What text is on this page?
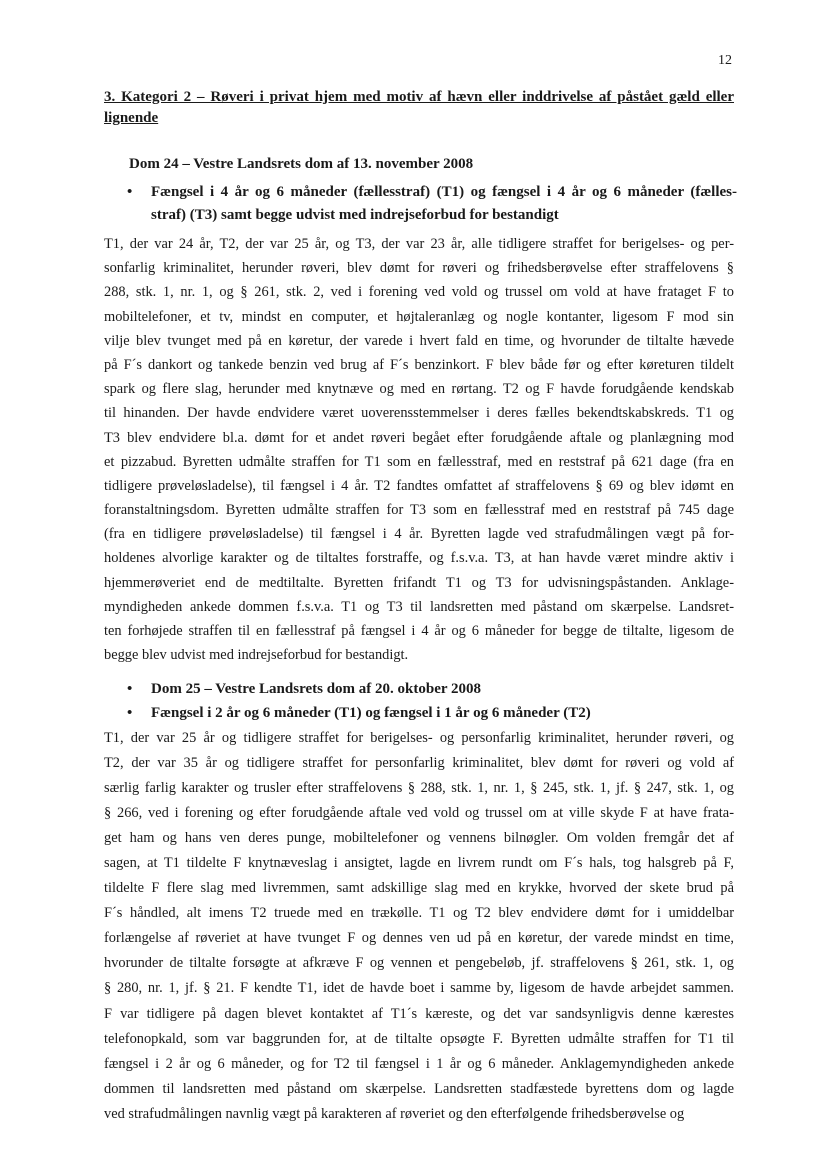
12
3. Kategori 2 – Røveri i privat hjem med motiv af hævn eller inddrivelse af påstået gæld eller
lignende
Dom 24 – Vestre Landsrets dom af 13. november 2008
• Fængsel i 4 år og 6 måneder (fællesstraf) (T1) og fængsel i 4 år og 6 måneder (fælles-
straf) (T3) samt begge udvist med indrejseforbud for bestandigt
T1, der var 24 år, T2, der var 25 år, og T3, der var 23 år, alle tidligere straffet for berigelses- og per-
sonfarlig kriminalitet, herunder røveri, blev dømt for røveri og frihedsberøvelse efter straffelovens §
288, stk. 1, nr. 1, og § 261, stk. 2, ved i forening ved vold og trussel om vold at have frataget F to
mobiltelefoner, et tv, mindst en computer, et højtaleranlæg og nogle kontanter, ligesom F mod sin
vilje blev tvunget med på en køretur, der varede i hvert fald en time, og hvorunder de tiltalte hævede
på F´s dankort og tankede benzin ved brug af F´s benzinkort. F blev både før og efter køreturen tildelt
spark og flere slag, herunder med knytnæve og med en rørtang. T2 og F havde forudgående kendskab
til hinanden. Der havde endvidere været uoverensstemmelser i deres fælles bekendtskabskreds. T1 og
T3 blev endvidere bl.a. dømt for et andet røveri begået efter forudgående aftale og planlægning mod
et pizzabud. Byretten udmålte straffen for T1 som en fællesstraf, med en reststraf på 621 dage (fra en
tidligere prøveløsladelse), til fængsel i 4 år. T2 fandtes omfattet af straffelovens § 69 og blev idømt en
foranstaltningsdom. Byretten udmålte straffen for T3 som en fællesstraf med en reststraf på 745 dage
(fra en tidligere prøveløsladelse) til fængsel i 4 år. Byretten lagde ved strafudmålingen vægt på for-
holdenes alvorlige karakter og de tiltaltes forstraffe, og f.s.v.a. T3, at han havde været mindre aktiv i
hjemmerøveriet end de medtiltalte. Byretten frifandt T1 og T3 for udvisningspåstanden. Anklage-
myndigheden ankede dommen f.s.v.a. T1 og T3 til landsretten med påstand om skærpelse. Landsret-
ten forhøjede straffen til en fællesstraf på fængsel i 4 år og 6 måneder for begge de tiltalte, ligesom de
begge blev udvist med indrejseforbud for bestandigt.
• Dom 25 – Vestre Landsrets dom af 20. oktober 2008
• Fængsel i 2 år og 6 måneder (T1) og fængsel i 1 år og 6 måneder (T2)
T1, der var 25 år og tidligere straffet for berigelses- og personfarlig kriminalitet, herunder røveri, og
T2, der var 35 år og tidligere straffet for personfarlig kriminalitet, blev dømt for røveri og vold af
særlig farlig karakter og trusler efter straffelovens § 288, stk. 1, nr. 1, § 245, stk. 1, jf. § 247, stk. 1, og
§ 266, ved i forening og efter forudgående aftale ved vold og trussel om at ville skyde F at have frata-
get ham og hans ven deres punge, mobiltelefoner og vennens bilnøgler. Om volden fremgår det af
sagen, at T1 tildelte F knytnæveslag i ansigtet, lagde en livrem rundt om F´s hals, tog halsgreb på F,
tildelte F flere slag med livremmen, samt adskillige slag med en krykke, hvorved der skete brud på
F´s håndled, alt imens T2 truede med en trækølle. T1 og T2 blev endvidere dømt for i umiddelbar
forlængelse af røveriet at have tvunget F og dennes ven ud på en køretur, der varede mindst en time,
hvorunder de tiltalte forsøgte at afkræve F og vennen et pengebeløb, jf. straffelovens § 261, stk. 1, og
§ 280, nr. 1, jf. § 21. F kendte T1, idet de havde boet i samme by, ligesom de havde arbejdet sammen.
F var tidligere på dagen blevet kontaktet af T1´s kæreste, og det var sandsynligvis denne kærestes
telefonopkald, som var baggrunden for, at de tiltalte opsøgte F. Byretten udmålte straffen for T1 til
fængsel i 2 år og 6 måneder, og for T2 til fængsel i 1 år og 6 måneder. Anklagemyndigheden ankede
dommen til landsretten med påstand om skærpelse. Landsretten stadfæstede byrettens dom og lagde
ved strafudmålingen navnlig vægt på karakteren af røveriet og den efterfølgende frihedsberøvelse og
